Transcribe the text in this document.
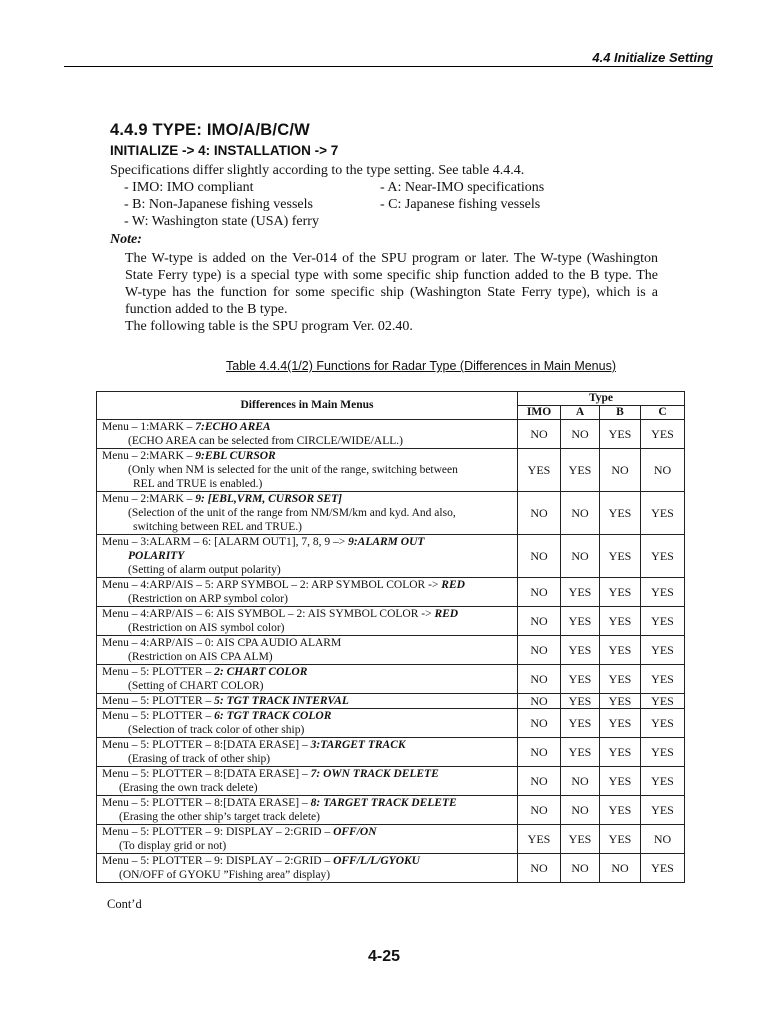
4.4 Initialize Setting
4.4.9 TYPE: IMO/A/B/C/W
INITIALIZE -> 4: INSTALLATION -> 7
Specifications differ slightly according to the type setting. See table 4.4.4.
- IMO: IMO compliant	- A: Near-IMO specifications
- B: Non-Japanese fishing vessels	- C: Japanese fishing vessels
- W: Washington state (USA) ferry
Note:

The W-type is added on the Ver-014 of the SPU program or later. The W-type (Washington State Ferry type) is a special type with some specific ship function added to the B type. The W-type has the function for some specific ship (Washington State Ferry type), which is a function added to the B type.

The following table is the SPU program Ver. 02.40.

Table 4.4.4(1/2) Functions for Radar Type (Differences in Main Menus)
Differences in Main Menus	Type			
	IMO	A	B	C

Menu – 1:MARK – 7:ECHO AREA
(ECHO AREA can be selected from CIRCLE/WIDE/ALL.)	NO	NO	YES	YES

Menu – 2:MARK – 9:EBL CURSOR
(Only when NM is selected for the unit of the range, switching between
REL and TRUE is enabled.)	YES	YES	NO	NO

Menu – 2:MARK – 9: [EBL,VRM, CURSOR SET]
(Selection of the unit of the range from NM/SM/km and kyd. And also,
switching between REL and TRUE.)	NO	NO	YES	YES

Menu – 3:ALARM – 6: [ALARM OUT1], 7, 8, 9 –> 9:ALARM OUT
POLARITY
(Setting of alarm output polarity)	NO	NO	YES	YES

Menu – 4:ARP/AIS – 5: ARP SYMBOL – 2: ARP SYMBOL COLOR -> RED
(Restriction on ARP symbol color)	NO	YES	YES	YES

Menu – 4:ARP/AIS – 6: AIS SYMBOL – 2: AIS SYMBOL COLOR -> RED
(Restriction on AIS symbol color)	NO	YES	YES	YES

Menu – 4:ARP/AIS – 0: AIS CPA AUDIO ALARM
(Restriction on AIS CPA ALM)	NO	YES	YES	YES

Menu – 5: PLOTTER – 2: CHART COLOR
(Setting of CHART COLOR)	NO	YES	YES	YES

Menu – 5: PLOTTER – 5: TGT TRACK INTERVAL	NO	YES	YES	YES

Menu – 5: PLOTTER – 6: TGT TRACK COLOR
(Selection of track color of other ship)	NO	YES	YES	YES

Menu – 5: PLOTTER – 8:[DATA ERASE] – 3:TARGET TRACK
(Erasing of track of other ship)	NO	YES	YES	YES

Menu – 5: PLOTTER – 8:[DATA ERASE] – 7: OWN TRACK DELETE
(Erasing the own track delete)	NO	NO	YES	YES

Menu – 5: PLOTTER – 8:[DATA ERASE] – 8: TARGET TRACK DELETE
(Erasing the other ship’s target track delete)	NO	NO	YES	YES

Menu – 5: PLOTTER – 9: DISPLAY – 2:GRID – OFF/ON
(To display grid or not)	YES	YES	YES	NO

Menu – 5: PLOTTER – 9: DISPLAY – 2:GRID – OFF/L/L/GYOKU
(ON/OFF of GYOKU ”Fishing area” display)	NO	NO	NO	YES
Cont’d
4-25
